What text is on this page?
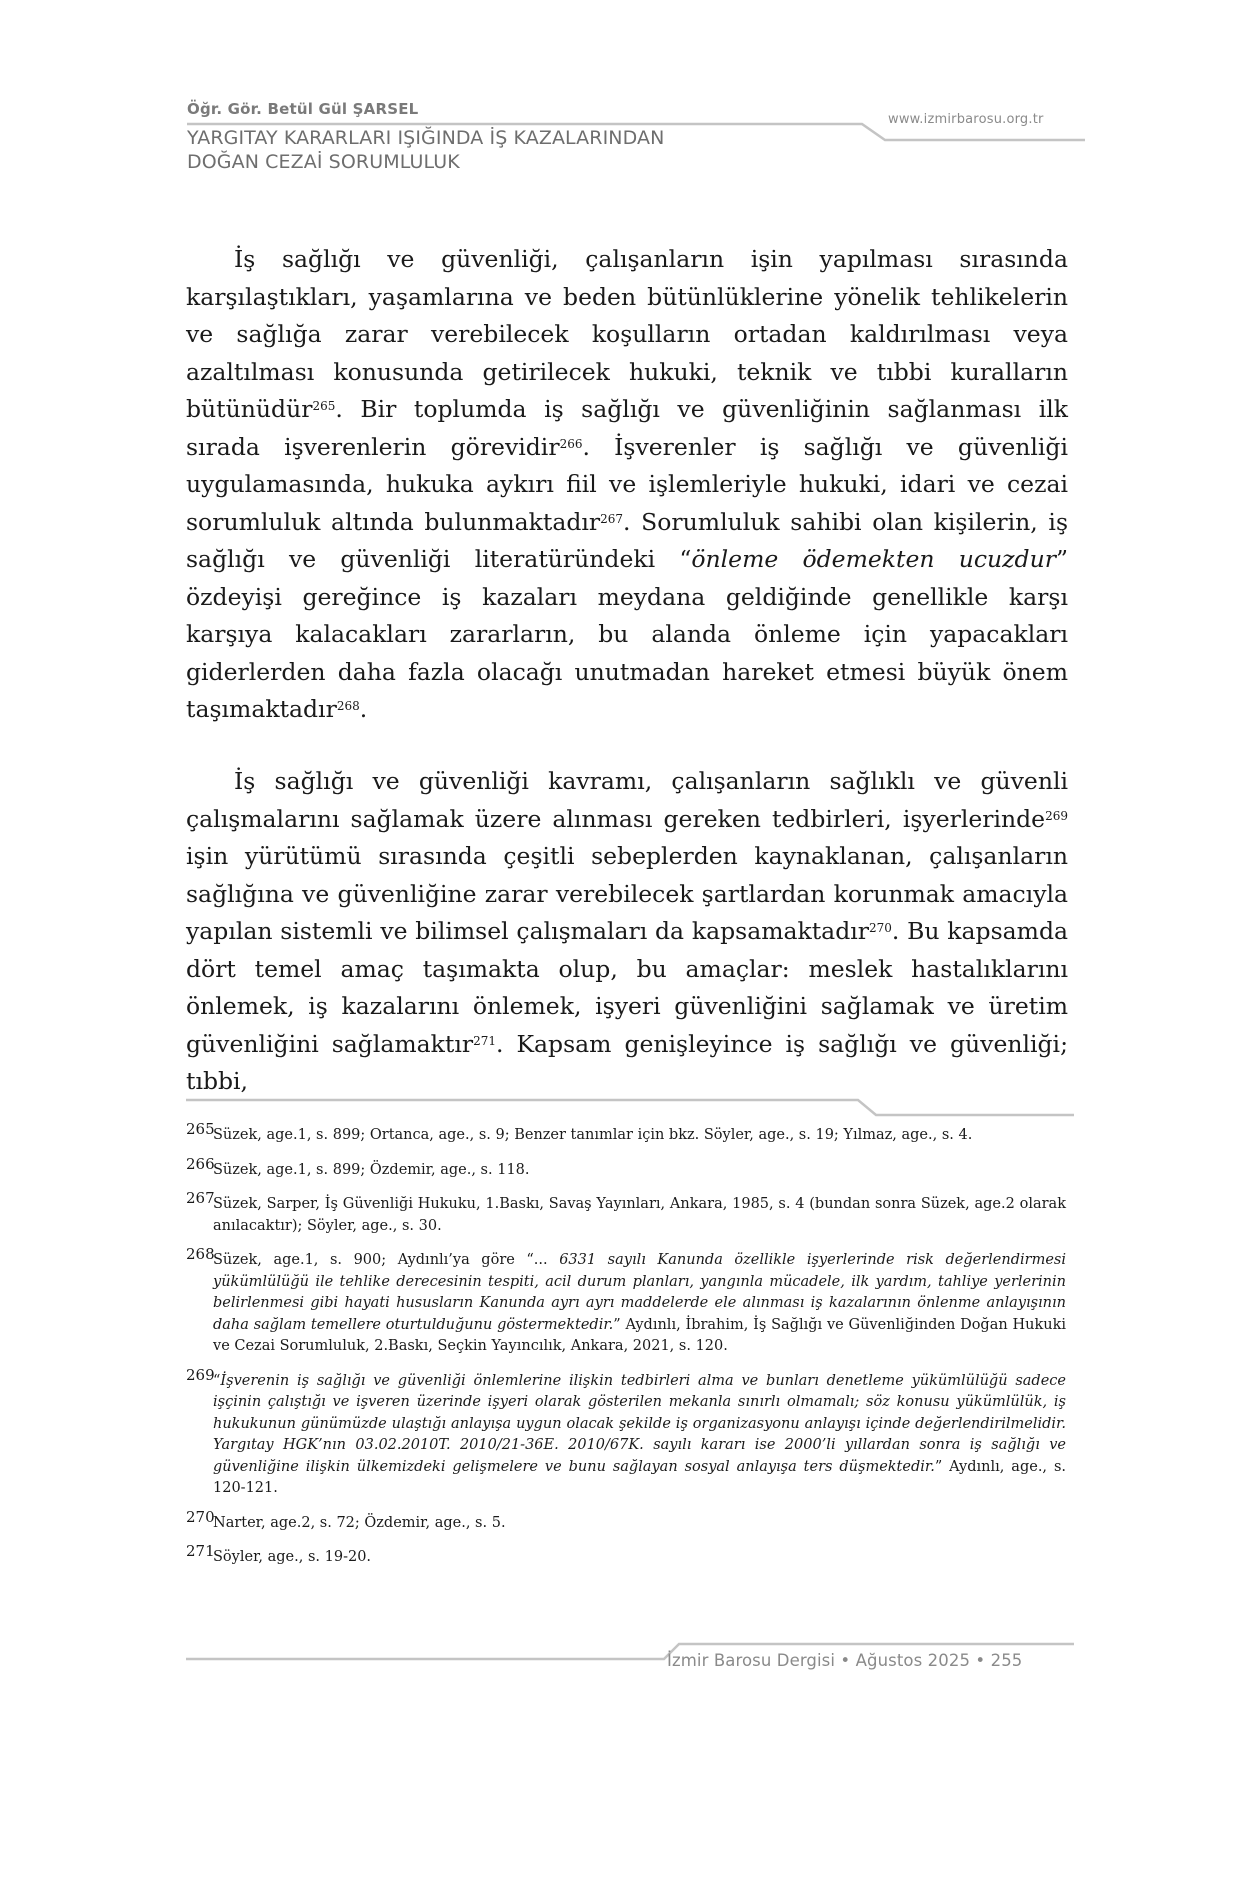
Öğr. Gör. Betül Gül ŞARSEL
YARGITAY KARARLARI IŞIĞINDA İŞ KAZALARINDAN
DOĞAN CEZAİ SORUMLULUK
www.izmirbarosu.org.tr

İş sağlığı ve güvenliği, çalışanların işin yapılması sırasında karşılaştıkları, yaşamlarına ve beden bütünlüklerine yönelik tehlikelerin ve sağlığa zarar verebilecek koşulların ortadan kaldırılması veya azaltılması konusunda getirilecek hukuki, teknik ve tıbbi kuralların bütünüdür$^{265}$. Bir toplumda iş sağlığı ve güvenliğinin sağlanması ilk sırada işverenlerin görevidir$^{266}$. İşverenler iş sağlığı ve güvenliği uygulamasında, hukuka aykırı fiil ve işlemleriyle hukuki, idari ve cezai sorumluluk altında bulunmaktadır$^{267}$. Sorumluluk sahibi olan kişilerin, iş sağlığı ve güvenliği literatüründeki “önleme ödemekten ucuzdur” özdeyişi gereğince iş kazaları meydana geldiğinde genellikle karşı karşıya kalacakları zararların, bu alanda önleme için yapacakları giderlerden daha fazla olacağı unutmadan hareket etmesi büyük önem taşımaktadır$^{268}$.

İş sağlığı ve güvenliği kavramı, çalışanların sağlıklı ve güvenli çalışmalarını sağlamak üzere alınması gereken tedbirleri, işyerlerinde$^{269}$ işin yürütümü sırasında çeşitli sebeplerden kaynaklanan, çalışanların sağlığına ve güvenliğine zarar verebilecek şartlardan korunmak amacıyla yapılan sistemli ve bilimsel çalışmaları da kapsamaktadır$^{270}$. Bu kapsamda dört temel amaç taşımakta olup, bu amaçlar: meslek hastalıklarını önlemek, iş kazalarını önlemek, işyeri güvenliğini sağlamak ve üretim güvenliğini sağlamaktır$^{271}$. Kapsam genişleyince iş sağlığı ve güvenliği; tıbbi,

265
Süzek, age.1, s. 899; Ortanca, age., s. 9; Benzer tanımlar için bkz. Söyler, age., s. 19; Yılmaz, age., s. 4.

266
Süzek, age.1, s. 899; Özdemir, age., s. 118.

267
Süzek, Sarper, İş Güvenliği Hukuku, 1.Baskı, Savaş Yayınları, Ankara, 1985, s. 4 (bundan sonra Süzek, age.2 olarak anılacaktır); Söyler, age., s. 30.

268
Süzek, age.1, s. 900; Aydınlı’ya göre “... 6331 sayılı Kanunda özellikle işyerlerinde risk değerlendirmesi yükümlülüğü ile tehlike derecesinin tespiti, acil durum planları, yangınla mücadele, ilk yardım, tahliye yerlerinin belirlenmesi gibi hayati hususların Kanunda ayrı ayrı maddelerde ele alınması iş kazalarının önlenme anlayışının daha sağlam temellere oturtulduğunu göstermektedir.” Aydınlı, İbrahim, İş Sağlığı ve Güvenliğinden Doğan Hukuki ve Cezai Sorumluluk, 2.Baskı, Seçkin Yayıncılık, Ankara, 2021, s. 120.

269
“İşverenin iş sağlığı ve güvenliği önlemlerine ilişkin tedbirleri alma ve bunları denetleme yükümlülüğü sadece işçinin çalıştığı ve işveren üzerinde işyeri olarak gösterilen mekanla sınırlı olmamalı; söz konusu yükümlülük, iş hukukunun günümüzde ulaştığı anlayışa uygun olacak şekilde iş organizasyonu anlayışı içinde değerlendirilmelidir. Yargıtay HGK’nın 03.02.2010T. 2010/21-36E. 2010/67K. sayılı kararı ise 2000’li yıllardan sonra iş sağlığı ve güvenliğine ilişkin ülkemizdeki gelişmelere ve bunu sağlayan sosyal anlayışa ters düşmektedir.” Aydınlı, age., s. 120-121.

270
Narter, age.2, s. 72; Özdemir, age., s. 5.

271
Söyler, age., s. 19-20.

İzmir Barosu Dergisi • Ağustos 2025 • 255
